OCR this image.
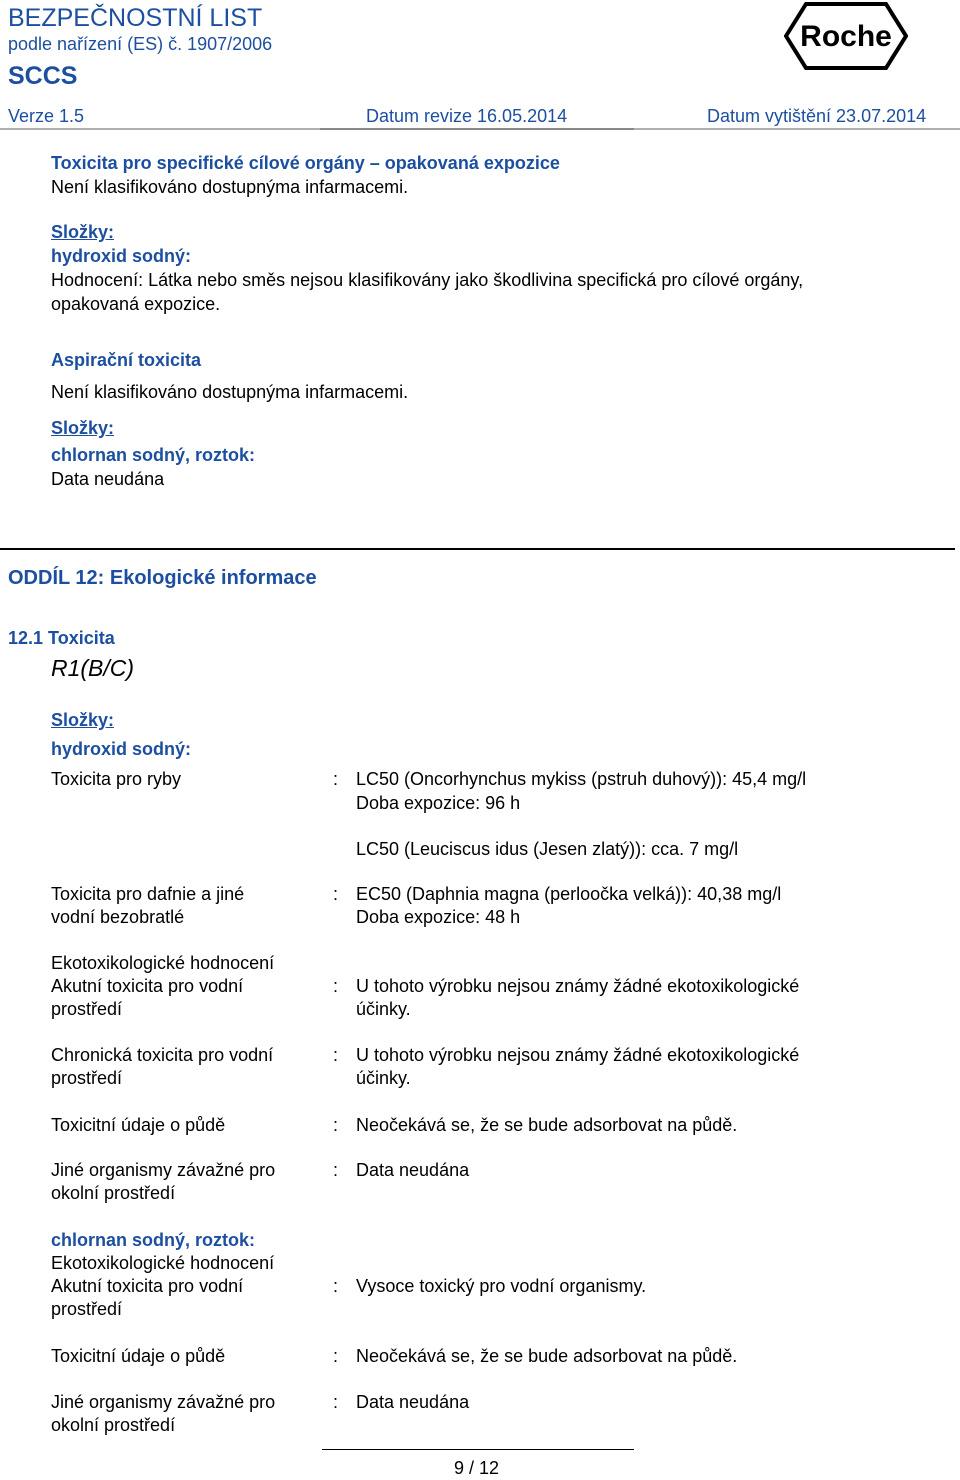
BEZPEČNOSTNÍ LIST
podle nařízení (ES) č. 1907/2006
SCCS
Verze 1.5	Datum revize 16.05.2014	Datum vytištění 23.07.2014
Roche
Toxicita pro specifické cílové orgány – opakovaná expozice
Není klasifikováno dostupnýma infarmacemi.
Složky:
hydroxid sodný:
Hodnocení: Látka nebo směs nejsou klasifikovány jako škodlivina specifická pro cílové orgány,
opakovaná expozice.
Aspirační toxicita
Není klasifikováno dostupnýma infarmacemi.
Složky:
chlornan sodný, roztok:
Data neudána
ODDÍL 12: Ekologické informace
12.1 Toxicita
R1(B/C)
Složky:
hydroxid sodný:
Toxicita pro ryby	: LC50 (Oncorhynchus mykiss (pstruh duhový)): 45,4 mg/l
Doba expozice: 96 h
LC50 (Leuciscus idus (Jesen zlatý)): cca. 7 mg/l
Toxicita pro dafnie a jiné
vodní bezobratlé
: EC50 (Daphnia magna (perloočka velká)): 40,38 mg/l
Doba expozice: 48 h
Ekotoxikologické hodnocení
Akutní toxicita pro vodní
prostředí
: U tohoto výrobku nejsou známy žádné ekotoxikologické
účinky.
Chronická toxicita pro vodní
prostředí
: U tohoto výrobku nejsou známy žádné ekotoxikologické
účinky.
Toxicitní údaje o půdě	: Neočekává se, že se bude adsorbovat na půdě.
Jiné organismy závažné pro
okolní prostředí
: Data neudána
chlornan sodný, roztok:
Ekotoxikologické hodnocení
Akutní toxicita pro vodní
prostředí
: Vysoce toxický pro vodní organismy.
Toxicitní údaje o půdě	: Neočekává se, že se bude adsorbovat na půdě.
Jiné organismy závažné pro
okolní prostředí
: Data neudána
9 / 12
